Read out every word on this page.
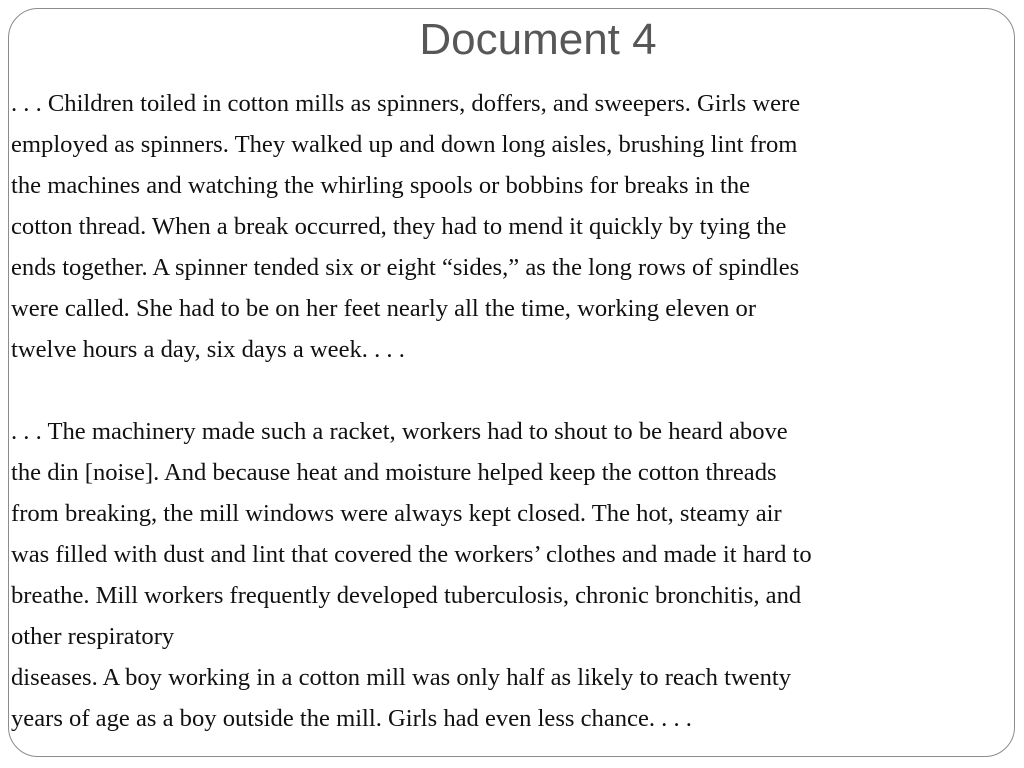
Document 4

. . . Children toiled in cotton mills as spinners, doffers, and sweepers. Girls were
employed as spinners. They walked up and down long aisles, brushing lint from
the machines and watching the whirling spools or bobbins for breaks in the
cotton thread. When a break occurred, they had to mend it quickly by tying the
ends together. A spinner tended six or eight “sides,” as the long rows of spindles
were called. She had to be on her feet nearly all the time, working eleven or
twelve hours a day, six days a week. . . .

. . . The machinery made such a racket, workers had to shout to be heard above
the din [noise]. And because heat and moisture helped keep the cotton threads
from breaking, the mill windows were always kept closed. The hot, steamy air
was filled with dust and lint that covered the workers’ clothes and made it hard to
breathe. Mill workers frequently developed tuberculosis, chronic bronchitis, and
other respiratory
diseases. A boy working in a cotton mill was only half as likely to reach twenty
years of age as a boy outside the mill. Girls had even less chance. . . .
